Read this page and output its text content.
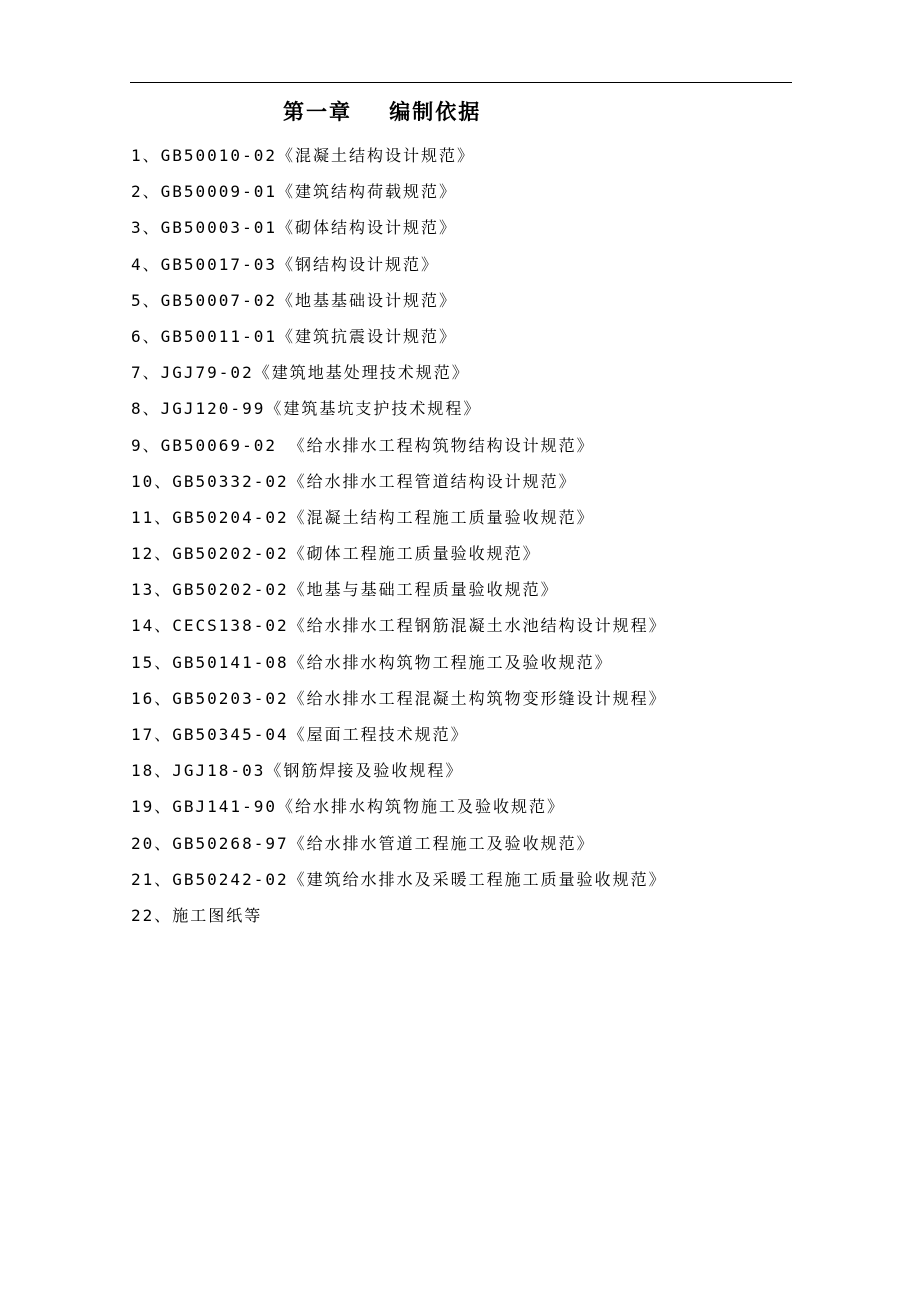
第一章    编制依据
1、GB50010-02《混凝土结构设计规范》
2、GB50009-01《建筑结构荷载规范》
3、GB50003-01《砌体结构设计规范》
4、GB50017-03《钢结构设计规范》
5、GB50007-02《地基基础设计规范》
6、GB50011-01《建筑抗震设计规范》
7、JGJ79-02《建筑地基处理技术规范》
8、JGJ120-99《建筑基坑支护技术规程》
9、GB50069-02 《给水排水工程构筑物结构设计规范》
10、GB50332-02《给水排水工程管道结构设计规范》
11、GB50204-02《混凝土结构工程施工质量验收规范》
12、GB50202-02《砌体工程施工质量验收规范》
13、GB50202-02《地基与基础工程质量验收规范》
14、CECS138-02《给水排水工程钢筋混凝土水池结构设计规程》
15、GB50141-08《给水排水构筑物工程施工及验收规范》
16、GB50203-02《给水排水工程混凝土构筑物变形缝设计规程》
17、GB50345-04《屋面工程技术规范》
18、JGJ18-03《钢筋焊接及验收规程》
19、GBJ141-90《给水排水构筑物施工及验收规范》
20、GB50268-97《给水排水管道工程施工及验收规范》
21、GB50242-02《建筑给水排水及采暖工程施工质量验收规范》
22、施工图纸等
